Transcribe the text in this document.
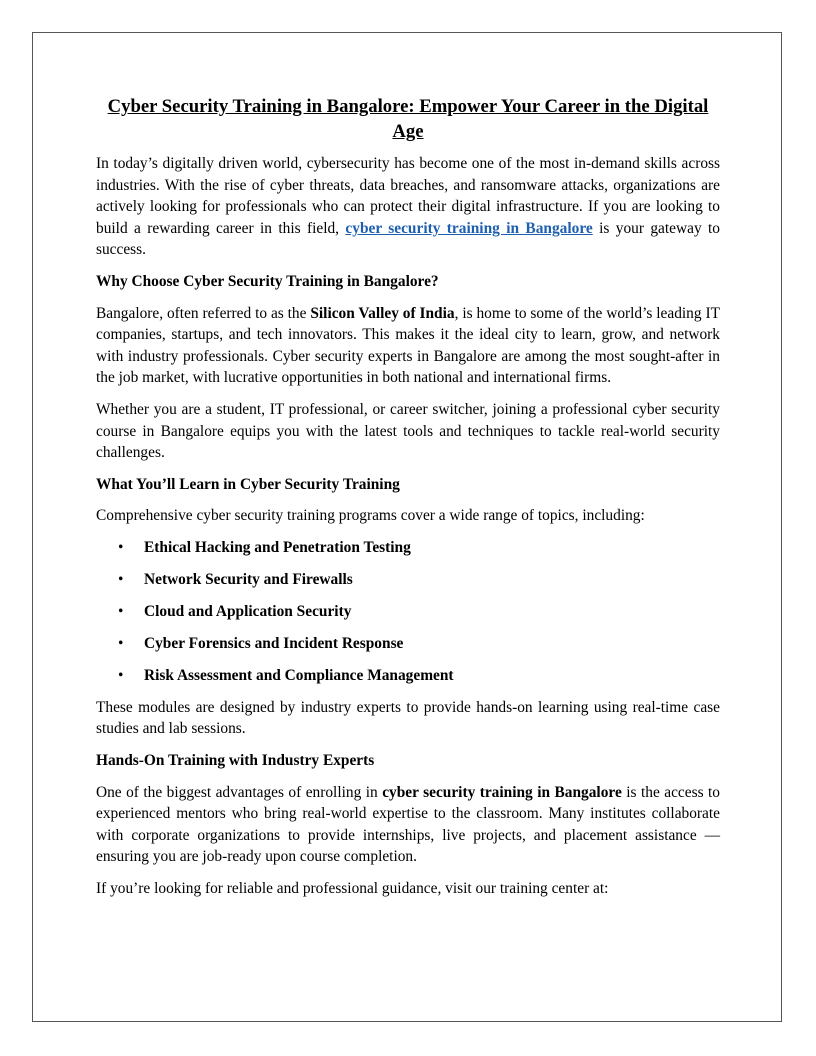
Cyber Security Training in Bangalore: Empower Your Career in the Digital Age

In today’s digitally driven world, cybersecurity has become one of the most in-demand skills across industries. With the rise of cyber threats, data breaches, and ransomware attacks, organizations are actively looking for professionals who can protect their digital infrastructure. If you are looking to build a rewarding career in this field, cyber security training in Bangalore is your gateway to success.

Why Choose Cyber Security Training in Bangalore?

Bangalore, often referred to as the Silicon Valley of India, is home to some of the world’s leading IT companies, startups, and tech innovators. This makes it the ideal city to learn, grow, and network with industry professionals. Cyber security experts in Bangalore are among the most sought-after in the job market, with lucrative opportunities in both national and international firms.

Whether you are a student, IT professional, or career switcher, joining a professional cyber security course in Bangalore equips you with the latest tools and techniques to tackle real-world security challenges.

What You’ll Learn in Cyber Security Training

Comprehensive cyber security training programs cover a wide range of topics, including:

• Ethical Hacking and Penetration Testing
• Network Security and Firewalls
• Cloud and Application Security
• Cyber Forensics and Incident Response
• Risk Assessment and Compliance Management

These modules are designed by industry experts to provide hands-on learning using real-time case studies and lab sessions.

Hands-On Training with Industry Experts

One of the biggest advantages of enrolling in cyber security training in Bangalore is the access to experienced mentors who bring real-world expertise to the classroom. Many institutes collaborate with corporate organizations to provide internships, live projects, and placement assistance — ensuring you are job-ready upon course completion.

If you’re looking for reliable and professional guidance, visit our training center at:
